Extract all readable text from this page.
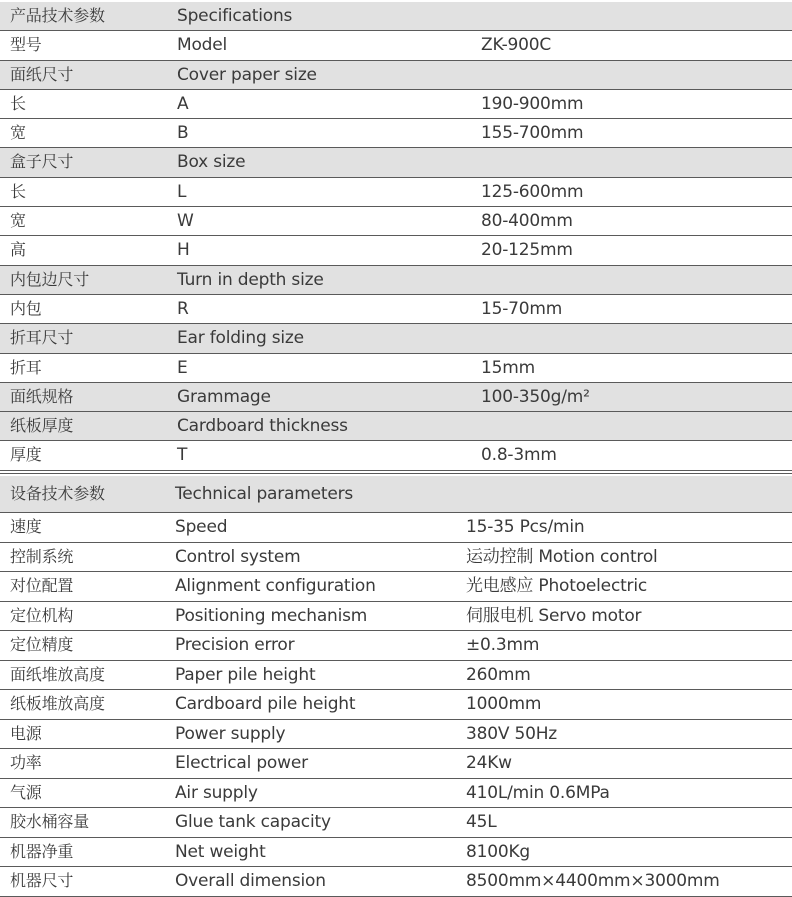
产品技术参数	Specifications
型号	Model	ZK-900C
面纸尺寸	Cover paper size
长	A	190-900mm
宽	B	155-700mm
盒子尺寸	Box size
长	L	125-600mm
宽	W	80-400mm
高	H	20-125mm
内包边尺寸	Turn in depth size
内包	R	15-70mm
折耳尺寸	Ear folding size
折耳	E	15mm
面纸规格	Grammage	100-350g/m²
纸板厚度	Cardboard thickness
厚度	T	0.8-3mm
设备技术参数	Technical parameters
速度	Speed	15-35 Pcs/min
控制系统	Control system	运动控制 Motion control
对位配置	Alignment configuration	光电感应 Photoelectric
定位机构	Positioning mechanism	伺服电机 Servo motor
定位精度	Precision error	±0.3mm
面纸堆放高度	Paper pile height	260mm
纸板堆放高度	Cardboard pile height	1000mm
电源	Power supply	380V 50Hz
功率	Electrical power	24Kw
气源	Air supply	410L/min 0.6MPa
胶水桶容量	Glue tank capacity	45L
机器净重	Net weight	8100Kg
机器尺寸	Overall dimension	8500mm×4400mm×3000mm
